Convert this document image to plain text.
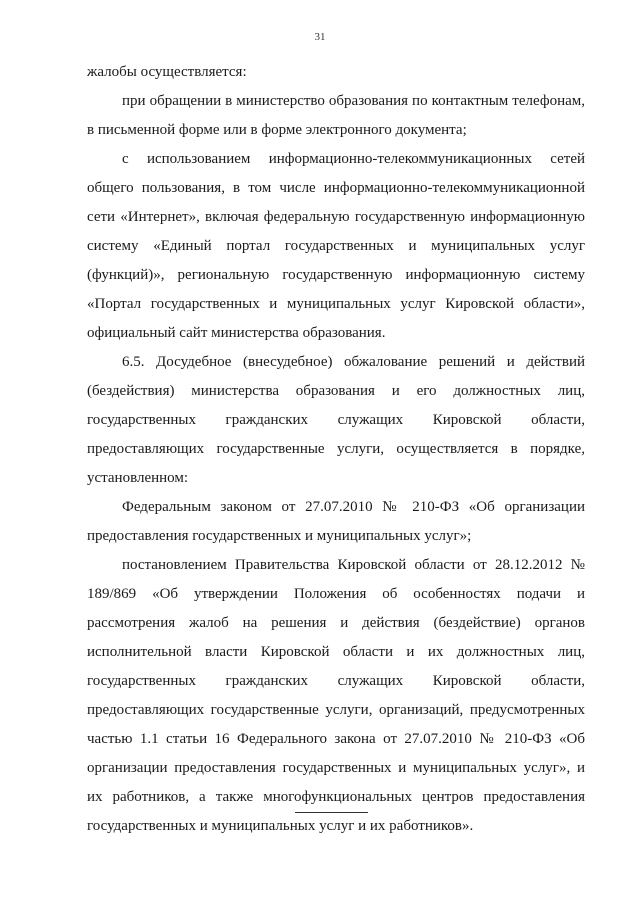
31

жалобы осуществляется:

при обращении в министерство образования по контактным телефонам, в письменной форме или в форме электронного документа;

с использованием информационно-телекоммуникационных сетей общего пользования, в том числе информационно-телекоммуникационной сети «Интернет», включая федеральную государственную информационную систему «Единый портал государственных и муниципальных услуг (функций)», региональную государственную информационную систему «Портал государственных и муниципальных услуг Кировской области», официальный сайт министерства образования.

6.5. Досудебное (внесудебное) обжалование решений и действий (бездействия) министерства образования и его должностных лиц, государственных гражданских служащих Кировской области, предоставляющих государственные услуги, осуществляется в порядке, установленном:

Федеральным законом от 27.07.2010 № 210-ФЗ «Об организации предоставления государственных и муниципальных услуг»;

постановлением Правительства Кировской области от 28.12.2012 № 189/869 «Об утверждении Положения об особенностях подачи и рассмотрения жалоб на решения и действия (бездействие) органов исполнительной власти Кировской области и их должностных лиц, государственных гражданских служащих Кировской области, предоставляющих государственные услуги, организаций, предусмотренных частью 1.1 статьи 16 Федерального закона от 27.07.2010 № 210-ФЗ «Об организации предоставления государственных и муниципальных услуг», и их работников, а также многофункциональных центров предоставления государственных и муниципальных услуг и их работников».
